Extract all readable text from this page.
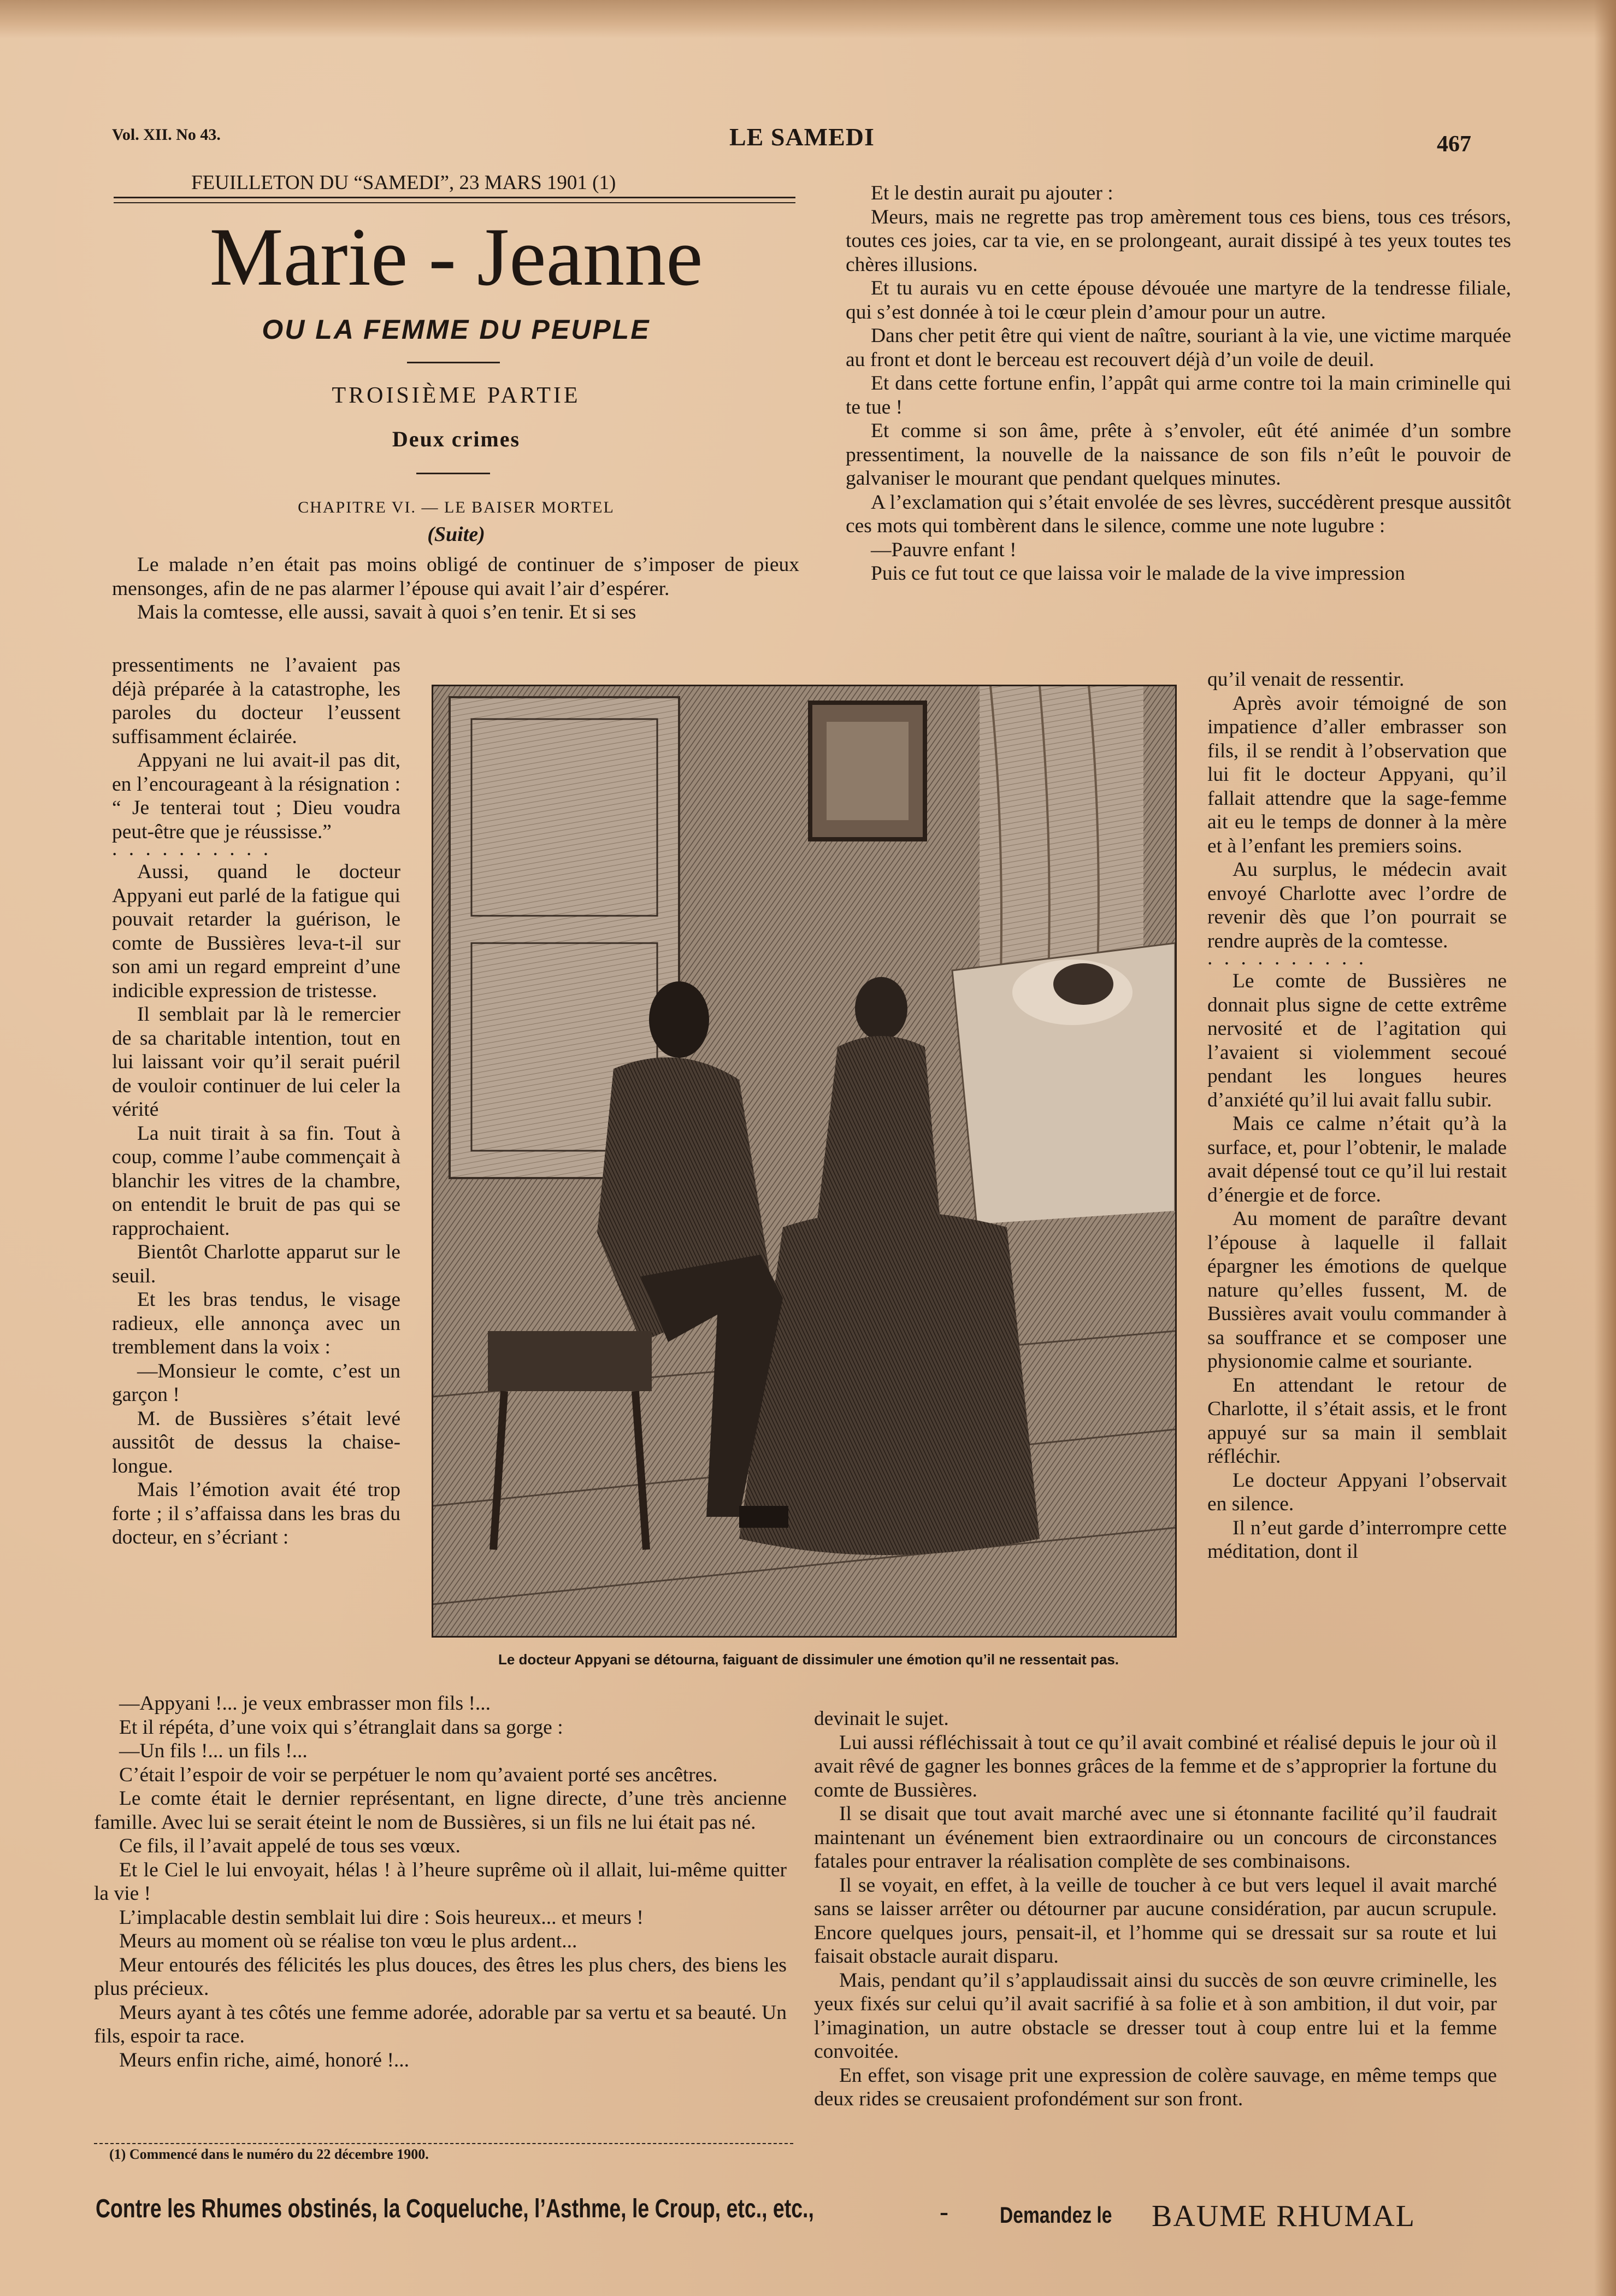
Vol. XII. No 43.	LE SAMEDI	467
FEUILLETON DU “SAMEDI”, 23 MARS 1901 (1)
Marie - Jeanne
OU LA FEMME DU PEUPLE
TROISIÈME PARTIE
Deux crimes
CHAPITRE VI. — LE BAISER MORTEL
(Suite)

Le malade n’en était pas moins obligé de continuer de s’imposer de pieux mensonges, afin de ne pas alarmer l’épouse qui avait l’air d’espérer.

Mais la comtesse, elle aussi, savait à quoi s’en tenir. Et si ses

pressentiments ne l’avaient pas déjà préparée à la catastrophe, les paroles du docteur l’eussent suffisamment éclairée.

Appyani ne lui avait-il pas dit, en l’encourageant à la résignation : “ Je tenterai tout ; Dieu voudra peut-être que je réussisse.”

. . . . . . . . . .

Aussi, quand le docteur Appyani eut parlé de la fatigue qui pouvait retarder la guérison, le comte de Bussières leva-t-il sur son ami un regard empreint d’une indicible expression de tristesse.

Il semblait par là le remercier de sa charitable intention, tout en lui laissant voir qu’il serait puéril de vouloir continuer de lui celer la vérité

La nuit tirait à sa fin. Tout à coup, comme l’aube commençait à blanchir les vitres de la chambre, on entendit le bruit de pas qui se rapprochaient.

Bientôt Charlotte apparut sur le seuil.

Et les bras tendus, le visage radieux, elle annonça avec un tremblement dans la voix :

—Monsieur le comte, c’est un garçon !

M. de Bussières s’était levé aussitôt de dessus la chaise-longue.

Mais l’émotion avait été trop forte ; il s’affaissa dans les bras du docteur, en s’écriant :

Le docteur Appyani se détourna, faiguant de dissimuler une émotion qu’il ne ressentait pas.

—Appyani !... je veux embrasser mon fils !...

Et il répéta, d’une voix qui s’étranglait dans sa gorge :

—Un fils !... un fils !...

C’était l’espoir de voir se perpétuer le nom qu’avaient porté ses ancêtres.

Le comte était le dernier représentant, en ligne directe, d’une très ancienne famille. Avec lui se serait éteint le nom de Bussières, si un fils ne lui était pas né.

Ce fils, il l’avait appelé de tous ses vœux.

Et le Ciel le lui envoyait, hélas ! à l’heure suprême où il allait, lui-même quitter la vie !

L’implacable destin semblait lui dire : Sois heureux... et meurs !

Meurs au moment où se réalise ton vœu le plus ardent...

Meur entourés des félicités les plus douces, des êtres les plus chers, des biens les plus précieux.

Meurs ayant à tes côtés une femme adorée, adorable par sa vertu et sa beauté. Un fils, espoir ta race.

Meurs enfin riche, aimé, honoré !...

(1) Commencé dans le numéro du 22 décembre 1900.

Et le destin aurait pu ajouter :

Meurs, mais ne regrette pas trop amèrement tous ces biens, tous ces trésors, toutes ces joies, car ta vie, en se prolongeant, aurait dissipé à tes yeux toutes tes chères illusions.

Et tu aurais vu en cette épouse dévouée une martyre de la tendresse filiale, qui s’est donnée à toi le cœur plein d’amour pour un autre.

Dans cher petit être qui vient de naître, souriant à la vie, une victime marquée au front et dont le berceau est recouvert déjà d’un voile de deuil.

Et dans cette fortune enfin, l’appât qui arme contre toi la main criminelle qui te tue !

Et comme si son âme, prête à s’envoler, eût été animée d’un sombre pressentiment, la nouvelle de la naissance de son fils n’eût le pouvoir de galvaniser le mourant que pendant quelques minutes.

A l’exclamation qui s’était envolée de ses lèvres, succédèrent presque aussitôt ces mots qui tombèrent dans le silence, comme une note lugubre :

—Pauvre enfant !

Puis ce fut tout ce que laissa voir le malade de la vive impression

qu’il venait de ressentir.

Après avoir témoigné de son impatience d’aller embrasser son fils, il se rendit à l’observation que lui fit le docteur Appyani, qu’il fallait attendre que la sage-femme ait eu le temps de donner à la mère et à l’enfant les premiers soins.

Au surplus, le médecin avait envoyé Charlotte avec l’ordre de revenir dès que l’on pourrait se rendre auprès de la comtesse.

. . . . . . . . . .

Le comte de Bussières ne donnait plus signe de cette extrême nervosité et de l’agitation qui l’avaient si violemment secoué pendant les longues heures d’anxiété qu’il lui avait fallu subir.

Mais ce calme n’était qu’à la surface, et, pour l’obtenir, le malade avait dépensé tout ce qu’il lui restait d’énergie et de force.

Au moment de paraître devant l’épouse à laquelle il fallait épargner les émotions de quelque nature qu’elles fussent, M. de Bussières avait voulu commander à sa souffrance et se composer une physionomie calme et souriante.

En attendant le retour de Charlotte, il s’était assis, et le front appuyé sur sa main il semblait réfléchir.

Le docteur Appyani l’observait en silence.

Il n’eut garde d’interrompre cette méditation, dont il

devinait le sujet.

Lui aussi réfléchissait à tout ce qu’il avait combiné et réalisé depuis le jour où il avait rêvé de gagner les bonnes grâces de la femme et de s’approprier la fortune du comte de Bussières.

Il se disait que tout avait marché avec une si étonnante facilité qu’il faudrait maintenant un événement bien extraordinaire ou un concours de circonstances fatales pour entraver la réalisation complète de ses combinaisons.

Il se voyait, en effet, à la veille de toucher à ce but vers lequel il avait marché sans se laisser arrêter ou détourner par aucune considération, par aucun scrupule. Encore quelques jours, pensait-il, et l’homme qui se dressait sur sa route et lui faisait obstacle aurait disparu.

Mais, pendant qu’il s’applaudissait ainsi du succès de son œuvre criminelle, les yeux fixés sur celui qu’il avait sacrifié à sa folie et à son ambition, il dut voir, par l’imagination, un autre obstacle se dresser tout à coup entre lui et la femme convoitée.

En effet, son visage prit une expression de colère sauvage, en même temps que deux rides se creusaient profondément sur son front.

Contre les Rhumes obstinés, la Coqueluche, l’Asthme, le Croup, etc., etc.,	- Demandez le BAUME RHUMAL
